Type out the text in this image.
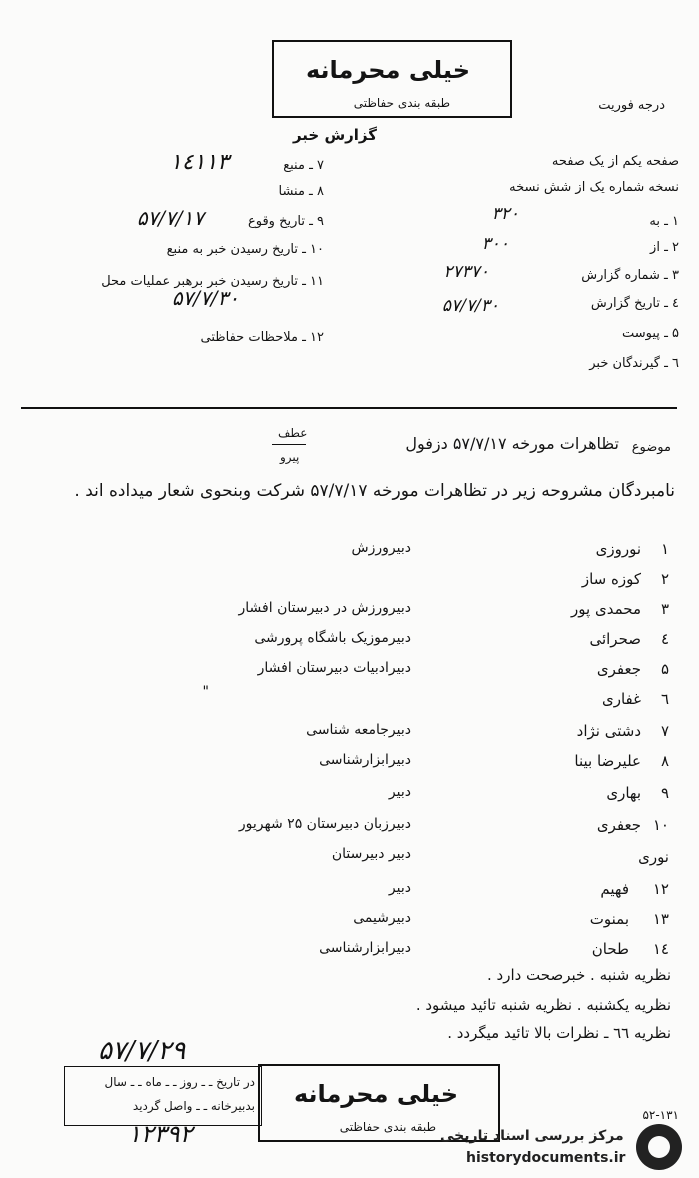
خیلی محرمانه
طبقه بندی حفاظتی	درجه فوریت
گزارش خبر
صفحه یکم از یک صفحه
نسخه شماره یک از شش نسخه
۱ ـ به
۳۲۰
۲ ـ از
۳۰۰
۳ ـ شماره گزارش
۲۷۳۷۰
٤ ـ تاریخ گزارش
۵۷/۷/۳۰
۵ ـ پیوست
٦ ـ گیرندگان خبر
۷ ـ منبع
۱٤۱۱۳
۸ ـ منشا
۹ ـ تاریخ وقوع
۵۷/۷/۱۷
۱۰ ـ تاریخ رسیدن خبر به منبع
۱۱ ـ تاریخ رسیدن خبر برهبر عملیات محل
۵۷/۷/۳۰
۱۲ ـ ملاحظات حفاظتی
موضوع
تظاهرات مورخه ۵۷/۷/۱۷ دزفول
عطف
پیرو
نامبردگان مشروحه زیر در تظاهرات مورخه ۵۷/۷/۱۷ شرکت وبنحوی شعار میداده اند .
۱
نوروزی
دبیرورزش
۲
کوزه ساز
۳
محمدی پور
دبیرورزش در دبیرستان افشار
٤
صحرائی
دبیرموزیک باشگاه پرورشی
۵
جعفری
دبیرادبیات دبیرستان افشار
٦
غفاری
"
۷
دشتی نژاد
دبیرجامعه شناسی
۸
علیرضا بینا
دبیرابزارشناسی
۹
بهاری
دبیر
۱۰
جعفری
دبیرزبان دبیرستان ۲۵ شهریور
نوری
دبیر دبیرستان
۱۲
فهیم
دبیر
۱۳
بمنوت
دبیرشیمی
۱٤
طحان
دبیرابزارشناسی
نظریه شنبه . خبرصحت دارد .
نظریه یکشنبه . نظریه شنبه تائید میشود .
نظریه ٦٦ ـ نظرات بالا تائید میگردد .
۵۷/۷/۲۹
در تاریخ ـ ـ روز ـ ـ ماه ـ ـ سال
بدبیرخانه ـ ـ واصل گردید
۱۲۳۹۲
خیلی محرمانه
طبقه بندی حفاظتی
۵۲-۱۳۱
مرکز بررسی اسناد تاریخی
historydocuments.ir
